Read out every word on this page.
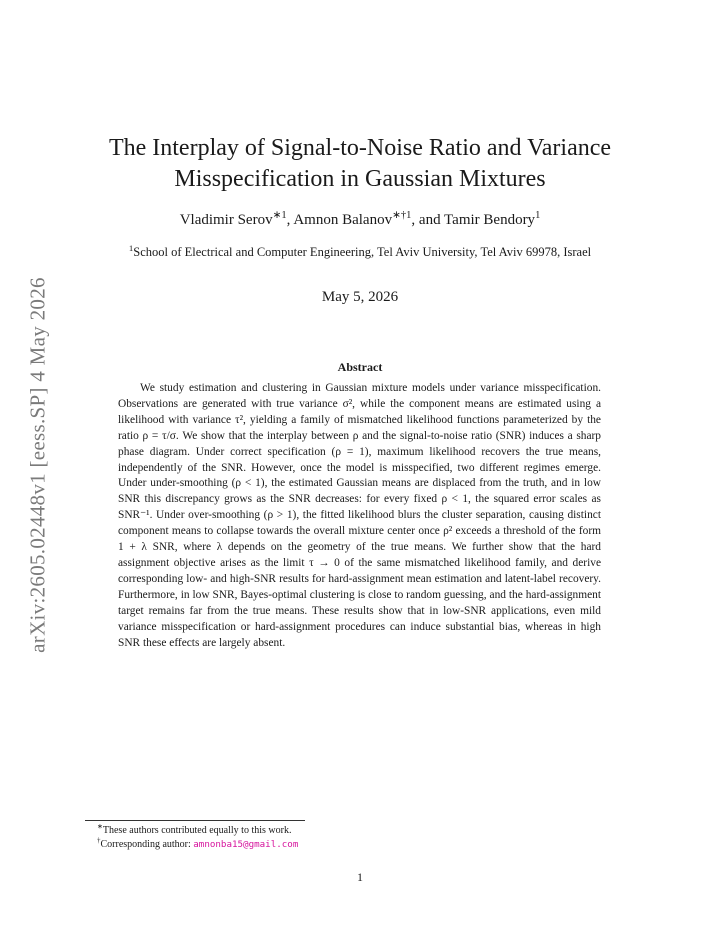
arXiv:2605.02448v1 [eess.SP] 4 May 2026
The Interplay of Signal-to-Noise Ratio and Variance Misspecification in Gaussian Mixtures
Vladimir Serov$^{∗1}$, Amnon Balanov$^{∗\dagger 1}$, and Tamir Bendory$^1$
$^1$School of Electrical and Computer Engineering, Tel Aviv University, Tel Aviv 69978, Israel
May 5, 2026
Abstract

We study estimation and clustering in Gaussian mixture models under variance misspecification. Observations are generated with true variance σ², while the component means are estimated using a likelihood with variance τ², yielding a family of mismatched likelihood functions parameterized by the ratio ρ = τ/σ. We show that the interplay between ρ and the signal-to-noise ratio (SNR) induces a sharp phase diagram. Under correct specification (ρ = 1), maximum likelihood recovers the true means, independently of the SNR. However, once the model is misspecified, two different regimes emerge. Under under-smoothing (ρ < 1), the estimated Gaussian means are displaced from the truth, and in low SNR this discrepancy grows as the SNR decreases: for every fixed ρ < 1, the squared error scales as SNR⁻¹. Under over-smoothing (ρ > 1), the fitted likelihood blurs the cluster separation, causing distinct component means to collapse towards the overall mixture center once ρ² exceeds a threshold of the form 1 + λ SNR, where λ depends on the geometry of the true means. We further show that the hard assignment objective arises as the limit τ → 0 of the same mismatched likelihood family, and derive corresponding low- and high-SNR results for hard-assignment mean estimation and latent-label recovery. Furthermore, in low SNR, Bayes-optimal clustering is close to random guessing, and the hard-assignment target remains far from the true means. These results show that in low-SNR applications, even mild variance misspecification or hard-assignment procedures can induce substantial bias, whereas in high SNR these effects are largely absent.

∗These authors contributed equally to this work.
†Corresponding author: amnonba15@gmail.com
1
